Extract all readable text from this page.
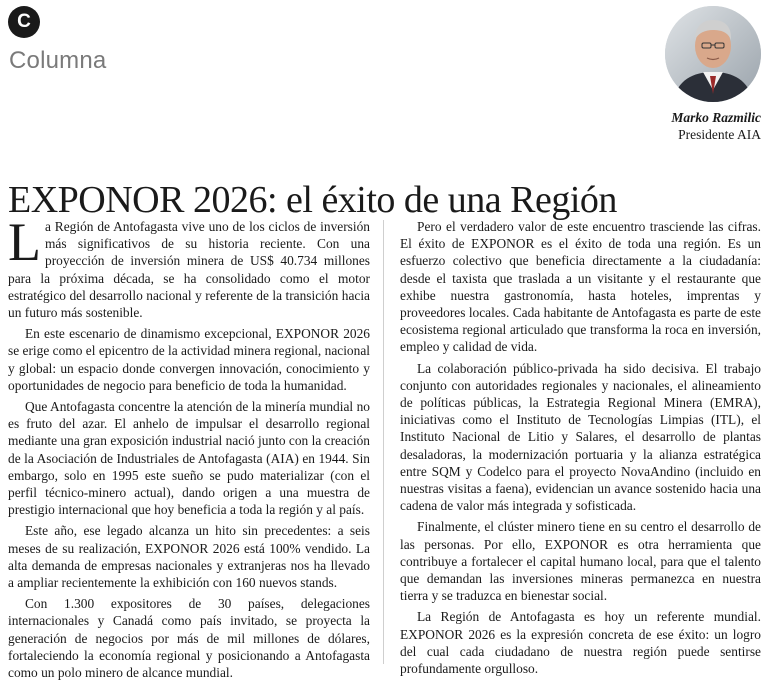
C
Columna
Marko Razmilic
Presidente AIA
EXPONOR 2026: el éxito de una Región

La Región de Antofagasta vive uno de los ciclos de inversión más significativos de su historia reciente. Con una proyección de inversión minera de US$ 40.734 millones para la próxima década, se ha consolidado como el motor estratégico del desarrollo nacional y referente de la transición hacia un futuro más sostenible.

En este escenario de dinamismo excepcional, EXPONOR 2026 se erige como el epicentro de la actividad minera regional, nacional y global: un espacio donde convergen innovación, conocimiento y oportunidades de negocio para beneficio de toda la humanidad.

Que Antofagasta concentre la atención de la minería mundial no es fruto del azar. El anhelo de impulsar el desarrollo regional mediante una gran exposición industrial nació junto con la creación de la Asociación de Industriales de Antofagasta (AIA) en 1944. Sin embargo, solo en 1995 este sueño se pudo materializar (con el perfil técnico-minero actual), dando origen a una muestra de prestigio internacional que hoy beneficia a toda la región y al país.

Este año, ese legado alcanza un hito sin precedentes: a seis meses de su realización, EXPONOR 2026 está 100% vendido. La alta demanda de empresas nacionales y extranjeras nos ha llevado a ampliar recientemente la exhibición con 160 nuevos stands.

Con 1.300 expositores de 30 países, delegaciones internacionales y Canadá como país invitado, se proyecta la generación de negocios por más de mil millones de dólares, fortaleciendo la economía regional y posicionando a Antofagasta como un polo minero de alcance mundial.

Pero el verdadero valor de este encuentro trasciende las cifras. El éxito de EXPONOR es el éxito de toda una región. Es un esfuerzo colectivo que beneficia directamente a la ciudadanía: desde el taxista que traslada a un visitante y el restaurante que exhibe nuestra gastronomía, hasta hoteles, imprentas y proveedores locales. Cada habitante de Antofagasta es parte de este ecosistema regional articulado que transforma la roca en inversión, empleo y calidad de vida.

La colaboración público-privada ha sido decisiva. El trabajo conjunto con autoridades regionales y nacionales, el alineamiento de políticas públicas, la Estrategia Regional Minera (EMRA), iniciativas como el Instituto de Tecnologías Limpias (ITL), el Instituto Nacional de Litio y Salares, el desarrollo de plantas desaladoras, la modernización portuaria y la alianza estratégica entre SQM y Codelco para el proyecto NovaAndino (incluido en nuestras visitas a faena), evidencian un avance sostenido hacia una cadena de valor más integrada y sofisticada.

Finalmente, el clúster minero tiene en su centro el desarrollo de las personas. Por ello, EXPONOR es otra herramienta que contribuye a fortalecer el capital humano local, para que el talento que demandan las inversiones mineras permanezca en nuestra tierra y se traduzca en bienestar social.

La Región de Antofagasta es hoy un referente mundial. EXPONOR 2026 es la expresión concreta de ese éxito: un logro del cual cada ciudadano de nuestra región puede sentirse profundamente orgulloso.
